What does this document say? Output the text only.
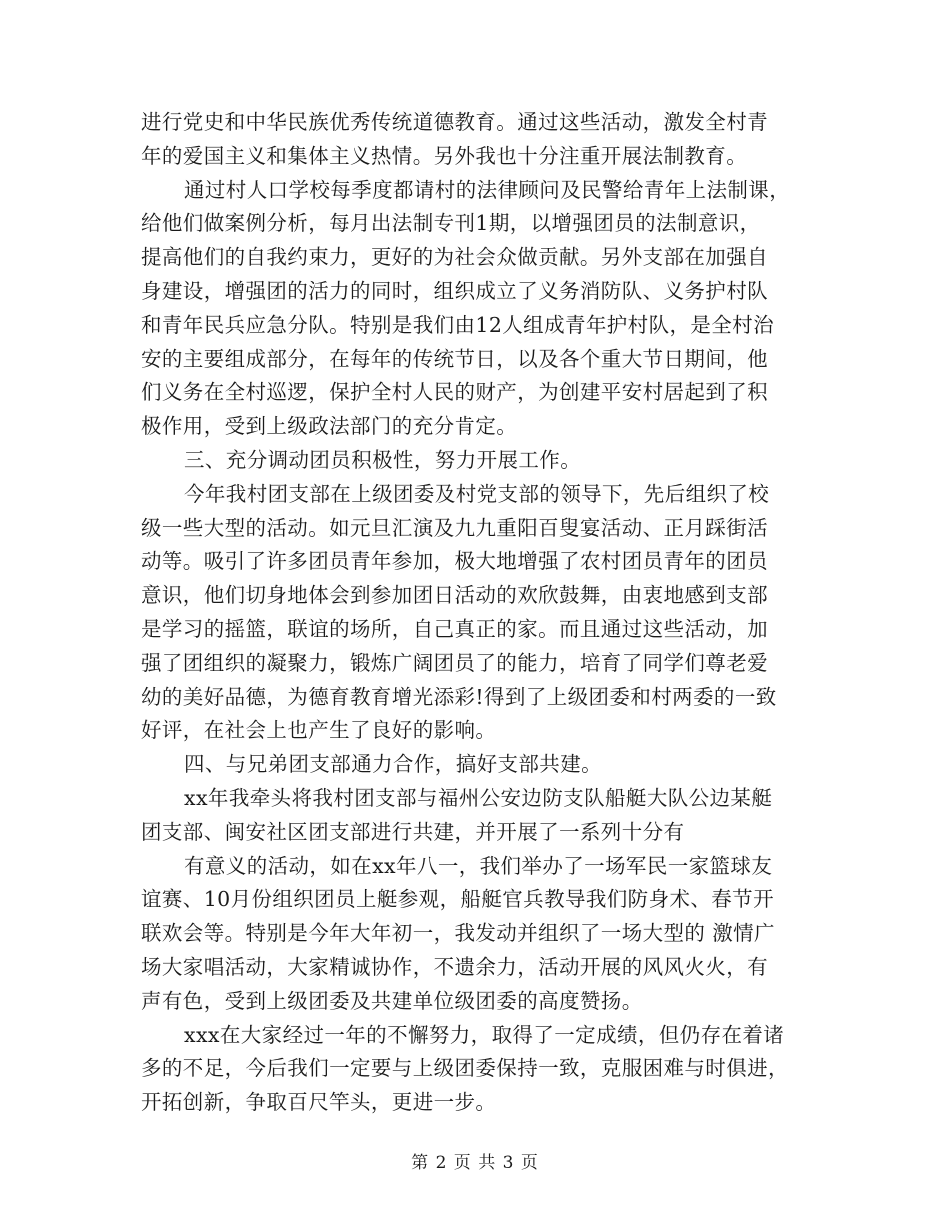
进行党史和中华民族优秀传统道德教育。通过这些活动，激发全村青
年的爱国主义和集体主义热情。另外我也十分注重开展法制教育。
通过村人口学校每季度都请村的法律顾问及民警给青年上法制课，
给他们做案例分析，每月出法制专刊1期，以增强团员的法制意识，
提高他们的自我约束力，更好的为社会众做贡献。另外支部在加强自
身建设，增强团的活力的同时，组织成立了义务消防队、义务护村队
和青年民兵应急分队。特别是我们由12人组成青年护村队，是全村治
安的主要组成部分，在每年的传统节日，以及各个重大节日期间，他
们义务在全村巡逻，保护全村人民的财产，为创建平安村居起到了积
极作用，受到上级政法部门的充分肯定。
三、充分调动团员积极性，努力开展工作。
今年我村团支部在上级团委及村党支部的领导下，先后组织了校
级一些大型的活动。如元旦汇演及九九重阳百叟宴活动、正月踩街活
动等。吸引了许多团员青年参加，极大地增强了农村团员青年的团员
意识，他们切身地体会到参加团日活动的欢欣鼓舞，由衷地感到支部
是学习的摇篮，联谊的场所，自己真正的家。而且通过这些活动，加
强了团组织的凝聚力，锻炼广阔团员了的能力，培育了同学们尊老爱
幼的美好品德，为德育教育增光添彩!得到了上级团委和村两委的一致
好评，在社会上也产生了良好的影响。
四、与兄弟团支部通力合作，搞好支部共建。
xx年我牵头将我村团支部与福州公安边防支队船艇大队公边某艇
团支部、闽安社区团支部进行共建，并开展了一系列十分有
有意义的活动，如在xx年八一，我们举办了一场军民一家篮球友
谊赛、10月份组织团员上艇参观，船艇官兵教导我们防身术、春节开
联欢会等。特别是今年大年初一，我发动并组织了一场大型的 激情广
场大家唱活动，大家精诚协作，不遗余力，活动开展的风风火火，有
声有色，受到上级团委及共建单位级团委的高度赞扬。
xxx在大家经过一年的不懈努力，取得了一定成绩，但仍存在着诸
多的不足，今后我们一定要与上级团委保持一致，克服困难与时俱进，
开拓创新，争取百尺竿头，更进一步。
第 2 页 共 3 页
